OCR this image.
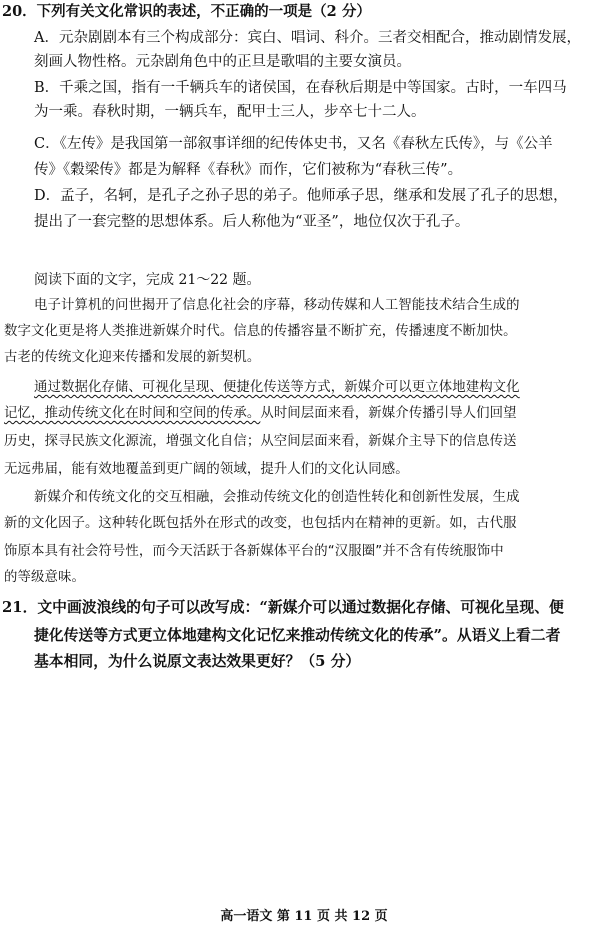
20．下列有关文化常识的表述，不正确的一项是（2 分）
A．元杂剧剧本有三个构成部分：宾白、唱词、科介。三者交相配合，推动剧情发展，
刻画人物性格。元杂剧角色中的正旦是歌唱的主要女演员。
B．千乘之国，指有一千辆兵车的诸侯国，在春秋后期是中等国家。古时，一车四马
为一乘。春秋时期，一辆兵车，配甲士三人，步卒七十二人。
C．《左传》是我国第一部叙事详细的纪传体史书，又名《春秋左氏传》，与《公羊
传》《穀梁传》都是为解释《春秋》而作，它们被称为“春秋三传”。
D．孟子，名轲，是孔子之孙子思的弟子。他师承子思，继承和发展了孔子的思想，
提出了一套完整的思想体系。后人称他为“亚圣”，地位仅次于孔子。
阅读下面的文字，完成 21～22 题。
电子计算机的问世揭开了信息化社会的序幕，移动传媒和人工智能技术结合生成的
数字文化更是将人类推进新媒介时代。信息的传播容量不断扩充，传播速度不断加快。
古老的传统文化迎来传播和发展的新契机。
通过数据化存储、可视化呈现、便捷化传送等方式，新媒介可以更立体地建构文化
记忆，推动传统文化在时间和空间的传承。从时间层面来看，新媒介传播引导人们回望
历史，探寻民族文化源流，增强文化自信；从空间层面来看，新媒介主导下的信息传送
无远弗届，能有效地覆盖到更广阔的领域，提升人们的文化认同感。
新媒介和传统文化的交互相融，会推动传统文化的创造性转化和创新性发展，生成
新的文化因子。这种转化既包括外在形式的改变，也包括内在精神的更新。如，古代服
饰原本具有社会符号性，而今天活跃于各新媒体平台的“汉服圈”并不含有传统服饰中
的等级意味。
21．文中画波浪线的句子可以改写成：“新媒介可以通过数据化存储、可视化呈现、便
捷化传送等方式更立体地建构文化记忆来推动传统文化的传承”。从语义上看二者
基本相同，为什么说原文表达效果更好？（5 分）
高一语文 第 11 页 共 12 页
